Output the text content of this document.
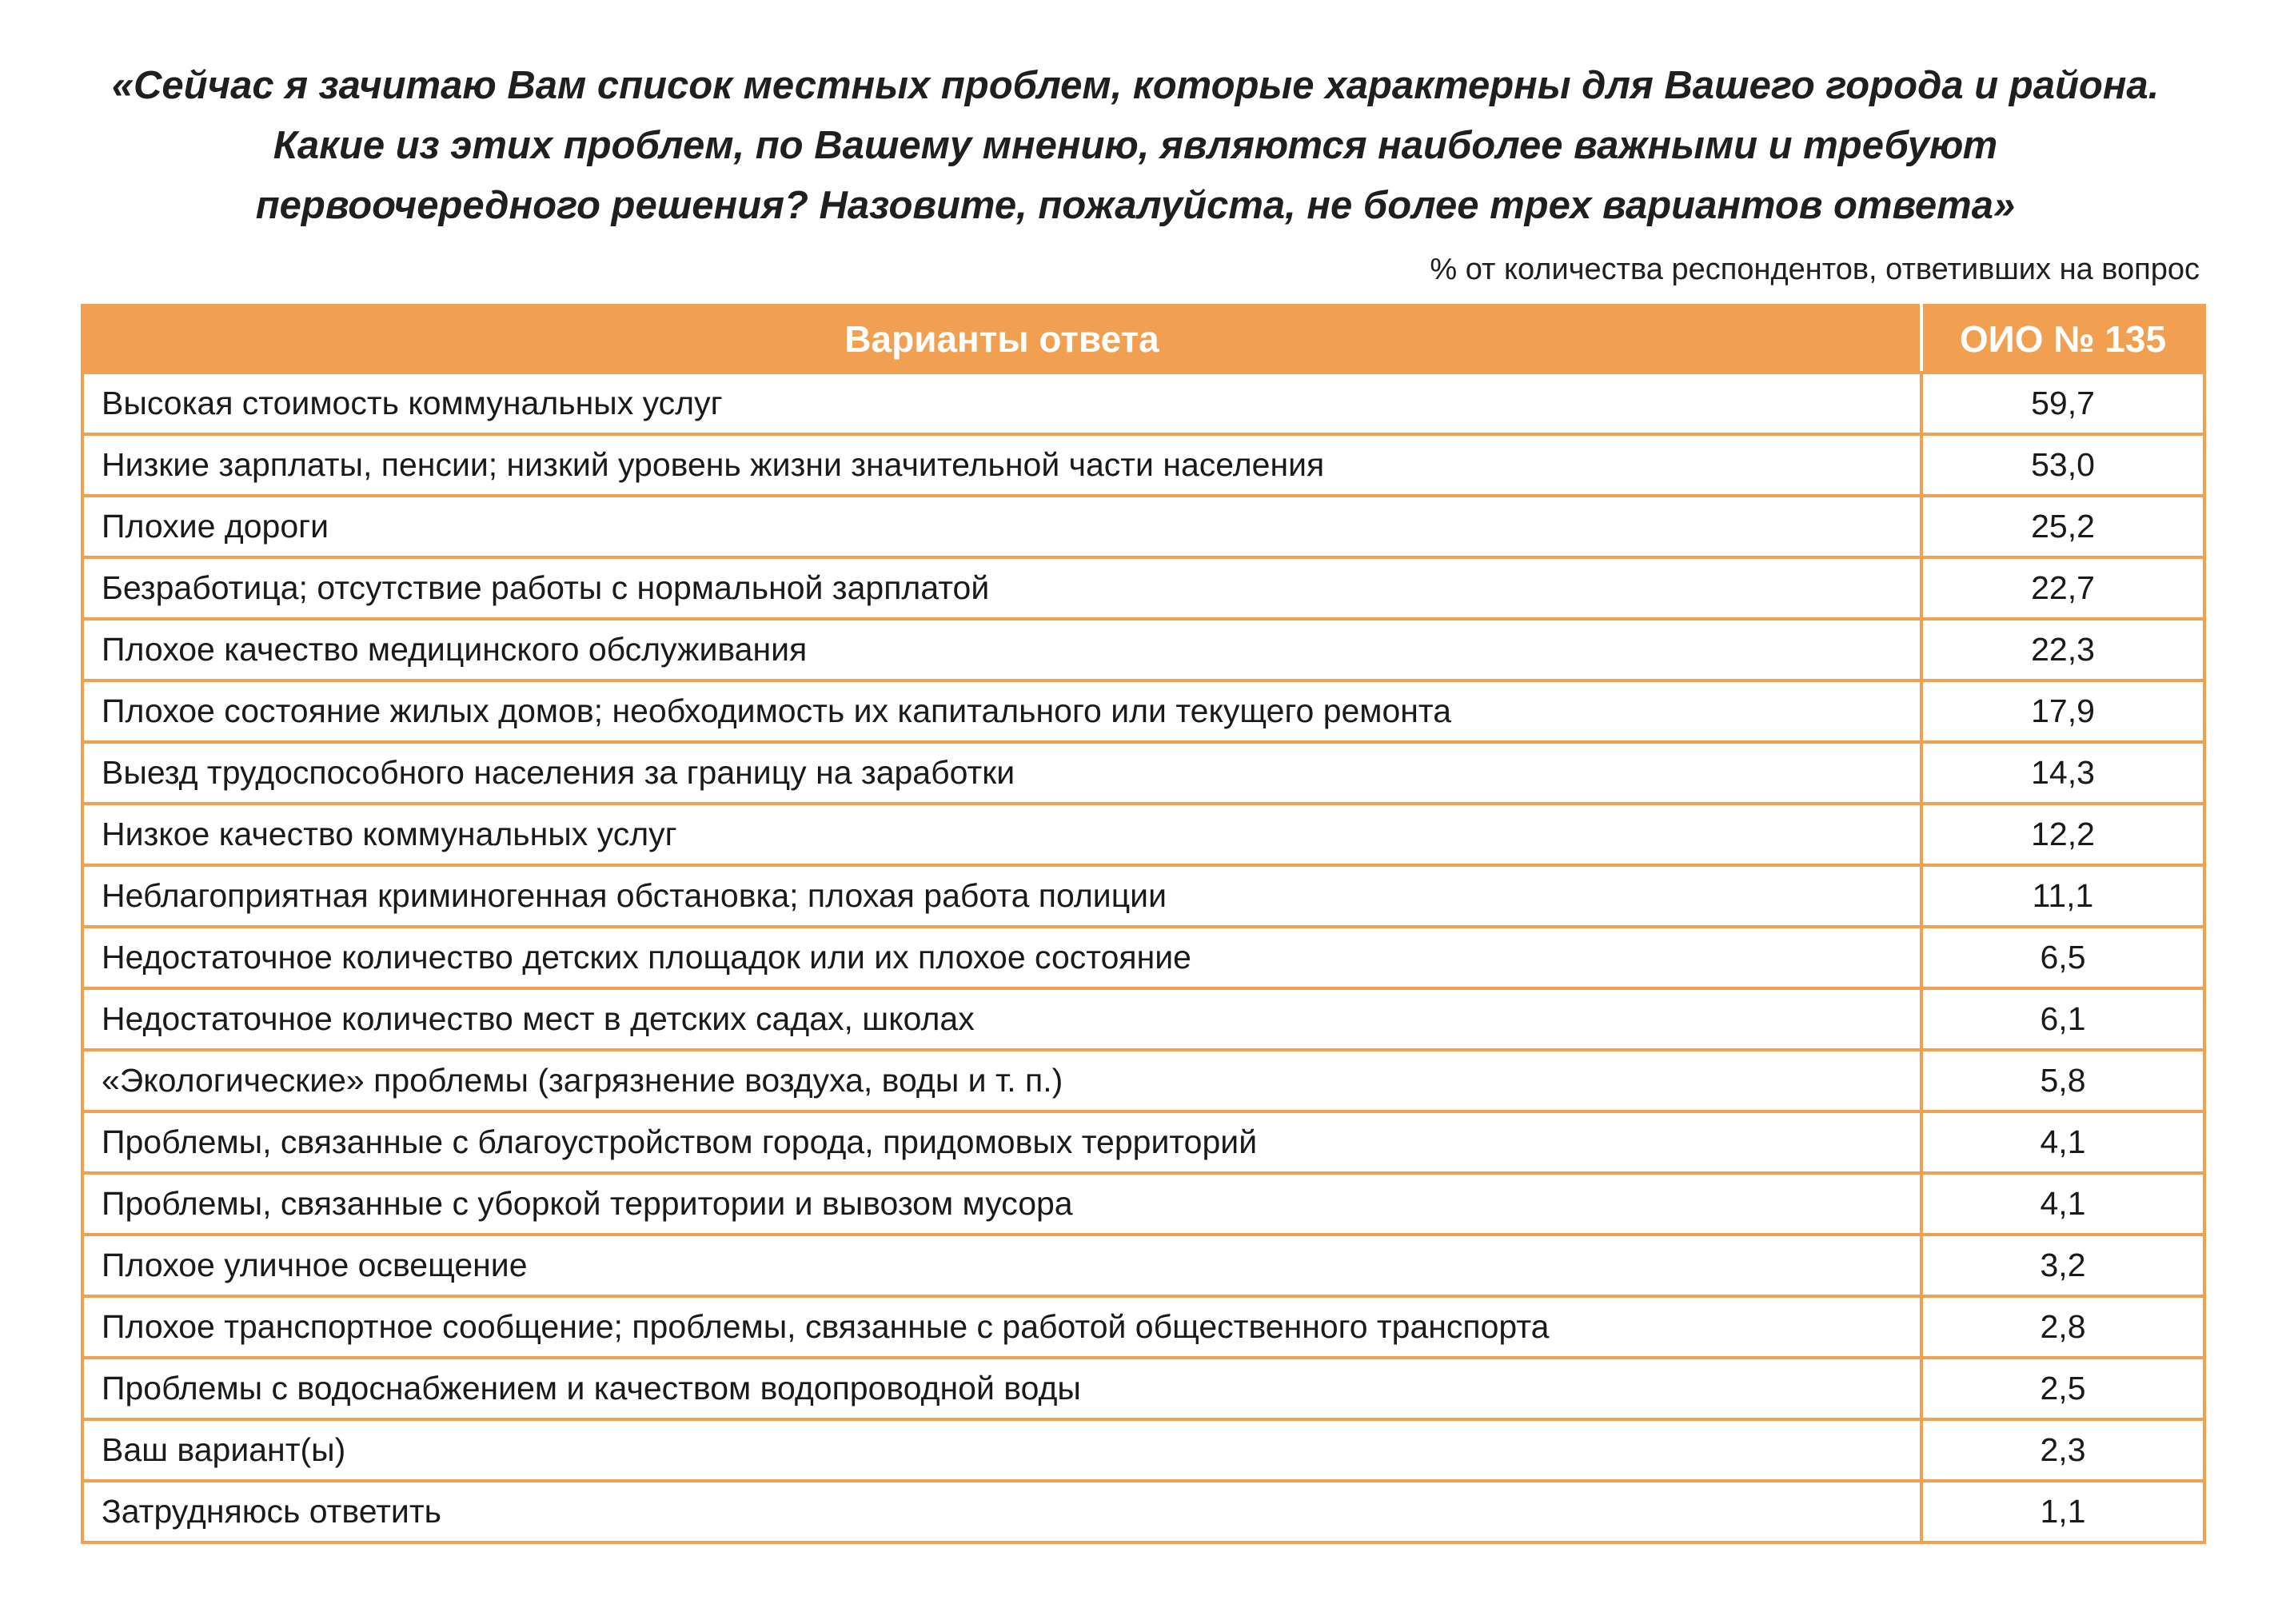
«Сейчас я зачитаю Вам список местных проблем, которые характерны для Вашего города и района.
Какие из этих проблем, по Вашему мнению, являются наиболее важными и требуют
первоочередного решения? Назовите, пожалуйста, не более трех вариантов ответа»
% от количества респондентов, ответивших на вопрос
Варианты ответа	ОИО № 135
Высокая стоимость коммунальных услуг	59,7
Низкие зарплаты, пенсии; низкий уровень жизни значительной части населения	53,0
Плохие дороги	25,2
Безработица; отсутствие работы с нормальной зарплатой	22,7
Плохое качество медицинского обслуживания	22,3
Плохое состояние жилых домов; необходимость их капитального или текущего ремонта	17,9
Выезд трудоспособного населения за границу на заработки	14,3
Низкое качество коммунальных услуг	12,2
Неблагоприятная криминогенная обстановка; плохая работа полиции	11,1
Недостаточное количество детских площадок или их плохое состояние	6,5
Недостаточное количество мест в детских садах, школах	6,1
«Экологические» проблемы (загрязнение воздуха, воды и т. п.)	5,8
Проблемы, связанные с благоустройством города, придомовых территорий	4,1
Проблемы, связанные с уборкой территории и вывозом мусора	4,1
Плохое уличное освещение	3,2
Плохое транспортное сообщение; проблемы, связанные с работой общественного транспорта	2,8
Проблемы с водоснабжением и качеством водопроводной воды	2,5
Ваш вариант(ы)	2,3
Затрудняюсь ответить	1,1
